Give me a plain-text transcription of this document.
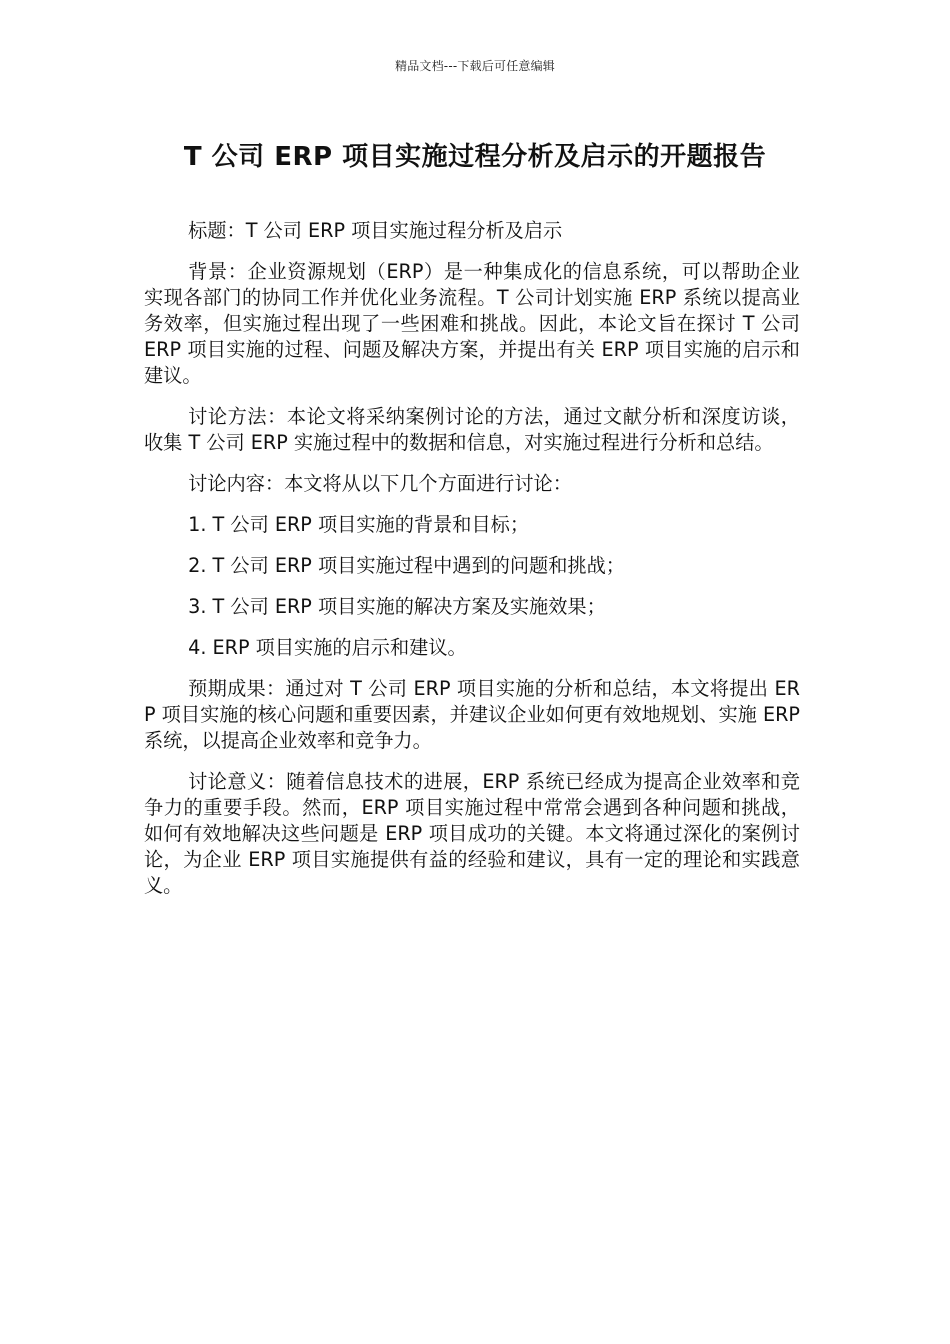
精品文档---下载后可任意编辑
T 公司 ERP 项目实施过程分析及启示的开题报告

标题：T 公司 ERP 项目实施过程分析及启示

背景：企业资源规划（ERP）是一种集成化的信息系统，可以帮助企业实现各部门的协同工作并优化业务流程。T 公司计划实施 ERP 系统以提高业务效率，但实施过程出现了一些困难和挑战。因此，本论文旨在探讨 T 公司 ERP 项目实施的过程、问题及解决方案，并提出有关 ERP 项目实施的启示和建议。

讨论方法：本论文将采纳案例讨论的方法，通过文献分析和深度访谈，收集 T 公司 ERP 实施过程中的数据和信息，对实施过程进行分析和总结。

讨论内容：本文将从以下几个方面进行讨论：

1. T 公司 ERP 项目实施的背景和目标；

2. T 公司 ERP 项目实施过程中遇到的问题和挑战；

3. T 公司 ERP 项目实施的解决方案及实施效果；

4. ERP 项目实施的启示和建议。

预期成果：通过对 T 公司 ERP 项目实施的分析和总结，本文将提出 ERP 项目实施的核心问题和重要因素，并建议企业如何更有效地规划、实施 ERP 系统，以提高企业效率和竞争力。

讨论意义：随着信息技术的进展，ERP 系统已经成为提高企业效率和竞争力的重要手段。然而，ERP 项目实施过程中常常会遇到各种问题和挑战，如何有效地解决这些问题是 ERP 项目成功的关键。本文将通过深化的案例讨论，为企业 ERP 项目实施提供有益的经验和建议，具有一定的理论和实践意义。
